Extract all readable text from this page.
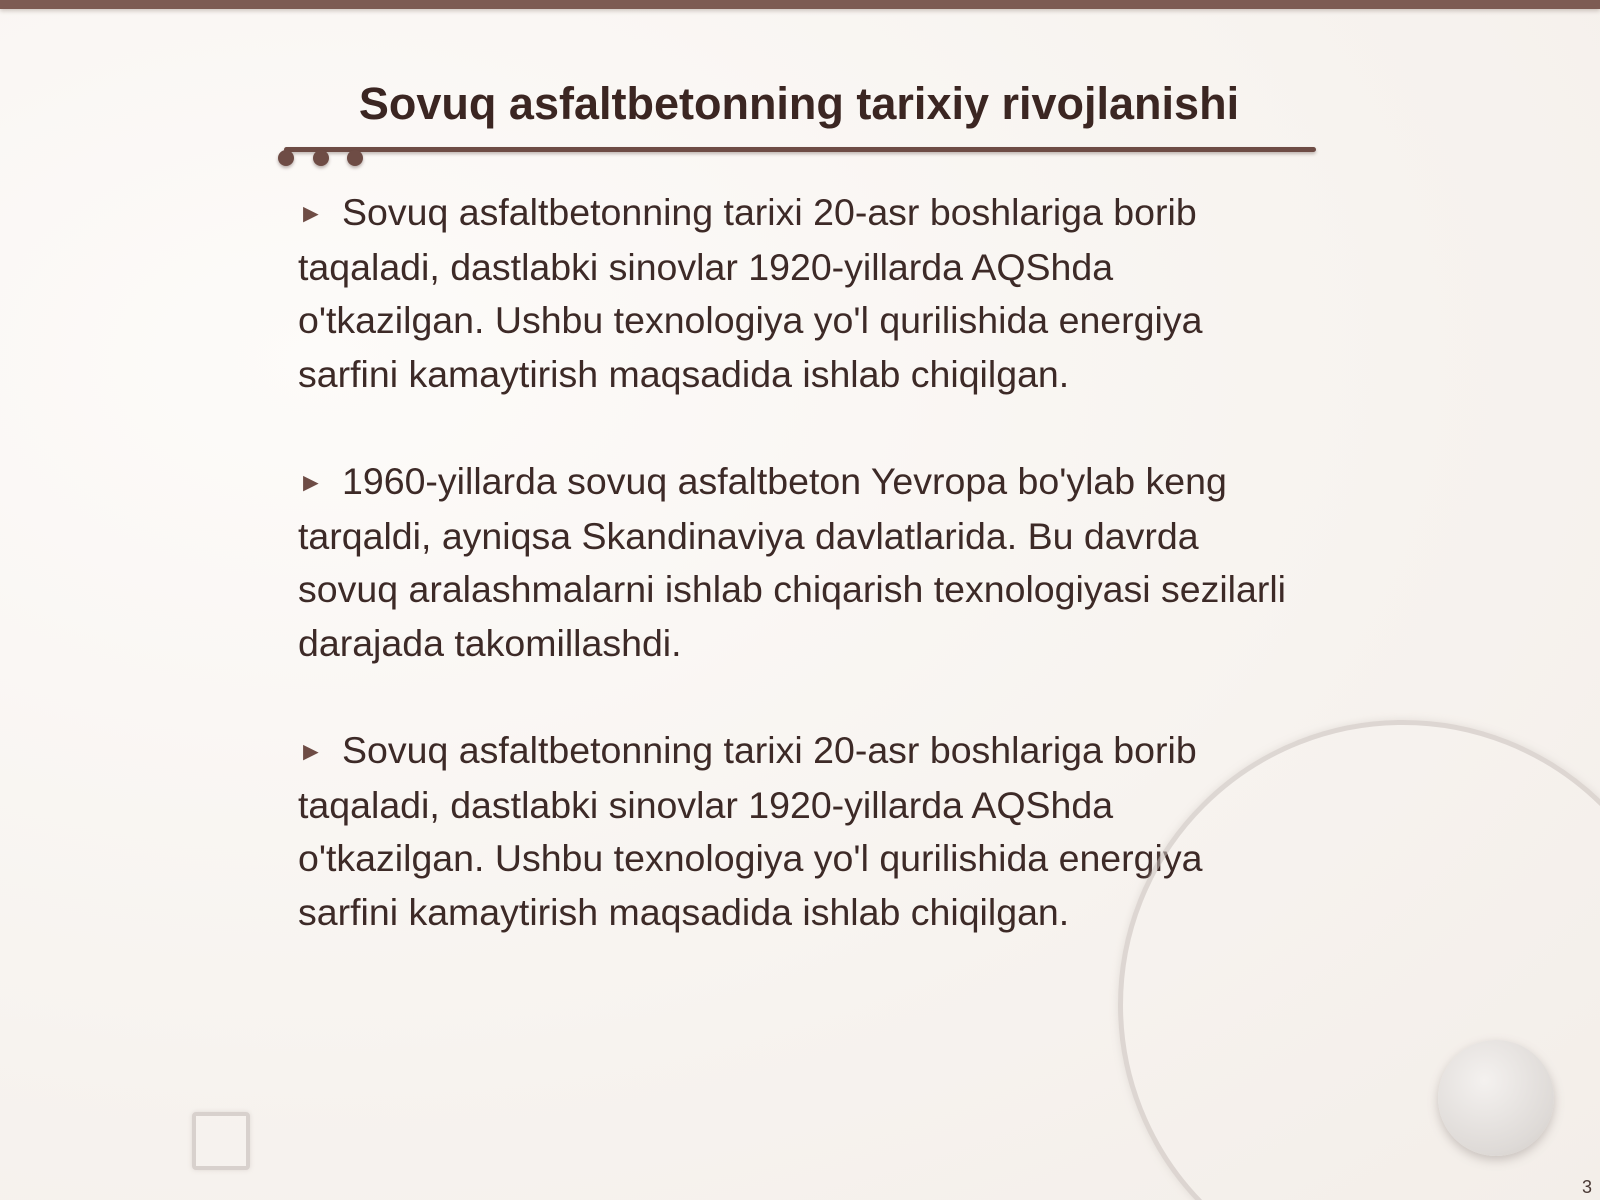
Sovuq asfaltbetonning tarixiy rivojlanishi

► Sovuq asfaltbetonning tarixi 20-asr boshlariga borib taqaladi, dastlabki sinovlar 1920-yillarda AQShda o'tkazilgan. Ushbu texnologiya yo'l qurilishida energiya sarfini kamaytirish maqsadida ishlab chiqilgan.

► 1960-yillarda sovuq asfaltbeton Yevropa bo'ylab keng tarqaldi, ayniqsa Skandinaviya davlatlarida. Bu davrda sovuq aralashmalarni ishlab chiqarish texnologiyasi sezilarli darajada takomillashdi.

► Sovuq asfaltbetonning tarixi 20-asr boshlariga borib taqaladi, dastlabki sinovlar 1920-yillarda AQShda o'tkazilgan. Ushbu texnologiya yo'l qurilishida energiya sarfini kamaytirish maqsadida ishlab chiqilgan.

3
